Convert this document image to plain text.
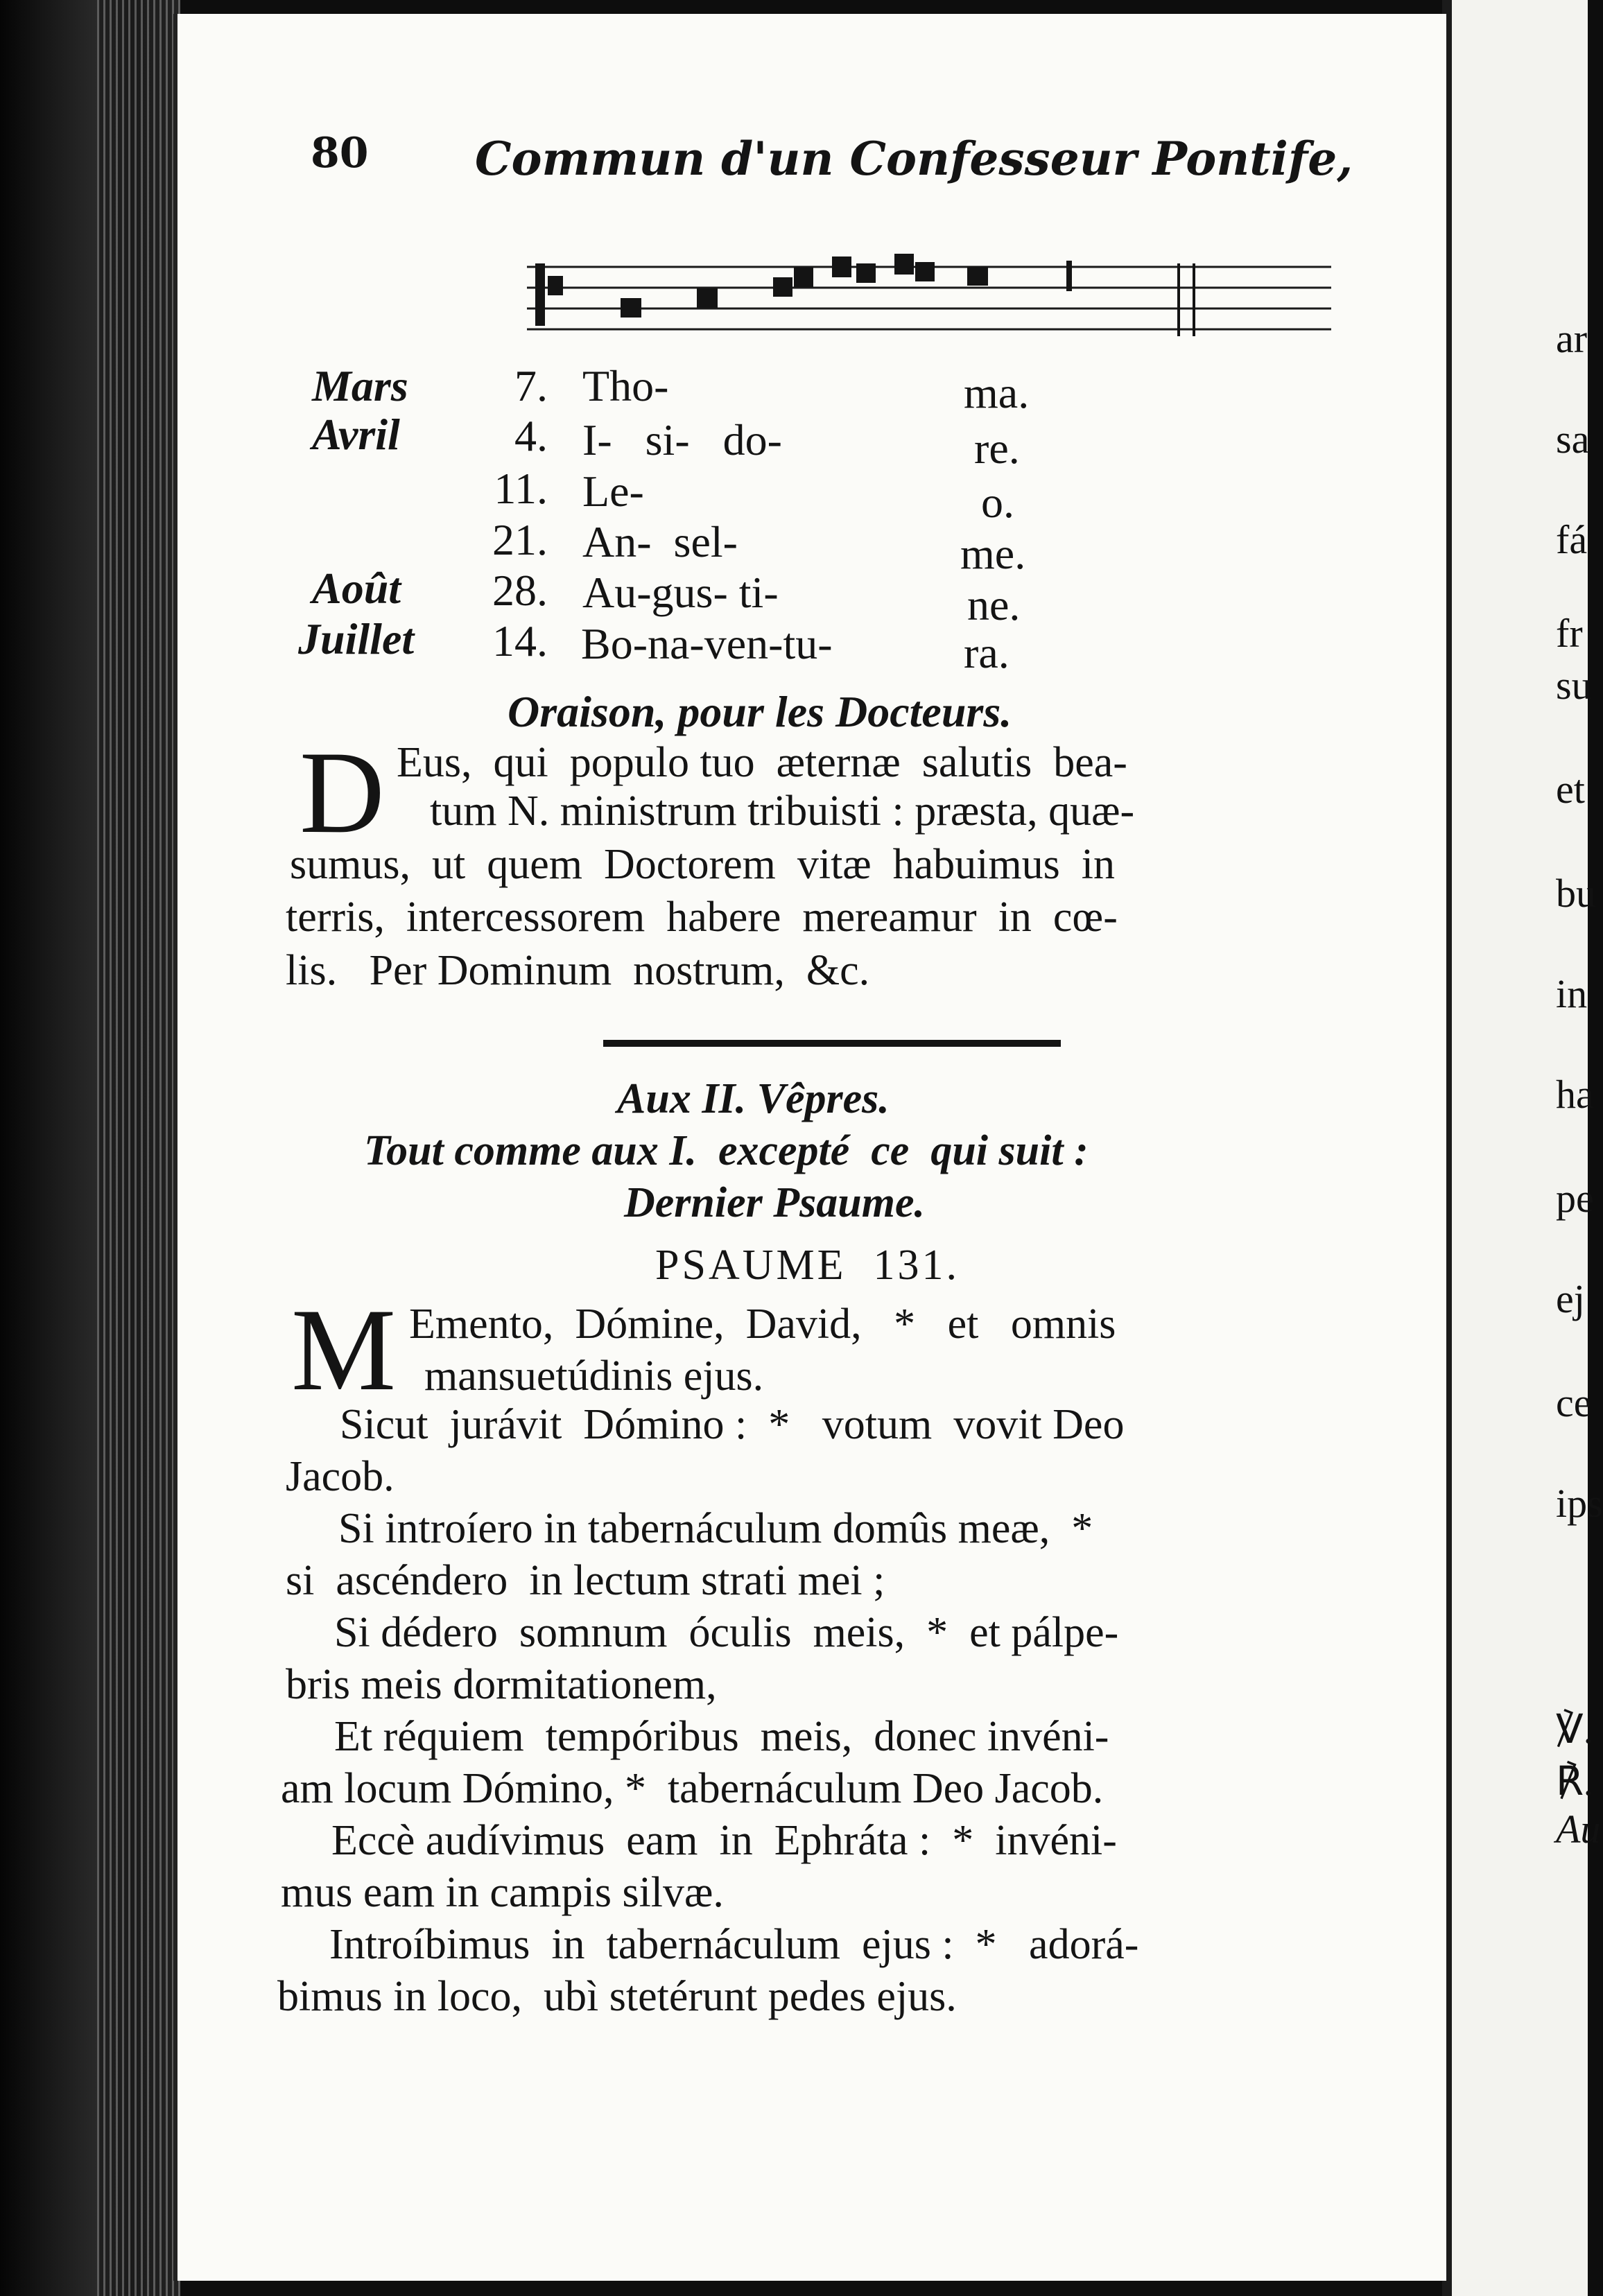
ar
sa
fá
fr
su
et
bu
in
ha
pe
ej
ce
ips
℣.
℟.
Au
80 Commun d'un Confesseur Pontife,
Mars	7. Tho-	ma.
Avril	4. I-   si-   do-	re.
11. Le-	o.
21. An-  sel-	me.
Août	28. Au-gus- ti-	ne.
Juillet	14. Bo-na-ven-tu-	ra.
Oraison, pour les Docteurs.
D Eus,  qui  populo tuo  æternæ  salutis  bea-
tum N. ministrum tribuisti : præsta, quæ-
sumus,  ut  quem  Doctorem  vitæ  habuimus  in
terris,  intercessorem  habere  mereamur  in  cœ-
lis.   Per Dominum  nostrum,  &c.
Aux II. Vêpres.
Tout comme aux I.  excepté  ce  qui suit :
Dernier Psaume.
PSAUME  131.
M Emento,  Dómine,  David,   *   et   omnis
mansuetúdinis ejus.
Sicut  jurávit  Dómino :  *   votum  vovit Deo
Jacob.
Si introíero in tabernáculum domûs meæ,  *
si  ascéndero  in lectum strati mei ;
Si dédero  somnum  óculis  meis,  *  et pálpe-
bris meis dormitationem,
Et réquiem  tempóribus  meis,  donec invéni-
am locum Dómino, *  tabernáculum Deo Jacob.
Eccè audívimus  eam  in  Ephráta :  *  invéni-
mus eam in campis silvæ.
Introíbimus  in  tabernáculum  ejus :  *   adorá-
bimus in loco,  ubì stetérunt pedes ejus.
